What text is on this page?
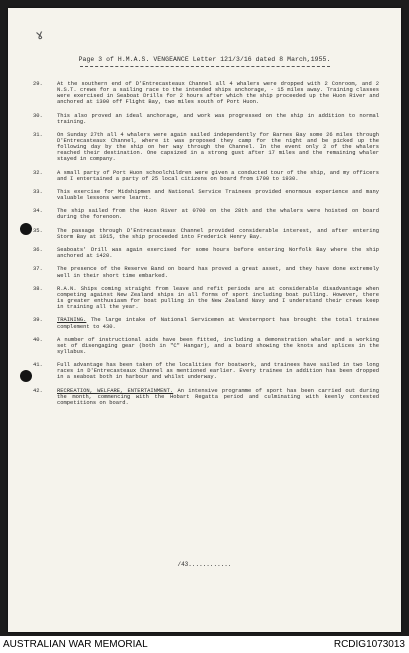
ɤ
Page 3 of H.M.A.S. VENGEANCE Letter 121/3/16 dated 8 March,1955.
29.	At the southern end of D'Entrecasteaux Channel all 4 whalers were dropped with 2 Conroom, and 2 N.S.T. crews for a sailing race to the intended ships anchorage, - 15 miles away. Training classes were exercised in Seaboat Drills for 2 hours after which the ship proceeded up the Huon River and anchored at 1300 off Flight Bay, two miles south of Port Huon.
30.	This also proved an ideal anchorage, and work was progressed on the ship in addition to normal training.
31.	On Sunday 27th all 4 whalers were again sailed independently for Barnes Bay some 26 miles through D'Entrecasteaux Channel, where it was proposed they camp for the night and be picked up the following day by the ship on her way through the Channel. In the event only 2 of the whalers reached their destination. One capsized in a strong gust after 17 miles and the remaining whaler stayed in company.
32.	A small party of Port Huon schoolchildren were given a conducted tour of the ship, and my officers and I entertained a party of 25 local citizens on board from 1700 to 1930.
33.	This exercise for Midshipmen and National Service Trainees provided enormous experience and many valuable lessons were learnt.
34.	The ship sailed from the Huon River at 0700 on the 28th and the whalers were hoisted on board during the forenoon.
35.	The passage through D'Entrecasteaux Channel provided considerable interest, and after entering Storm Bay at 1015, the ship proceeded into Frederick Henry Bay.
36.	Seaboats' Drill was again exercised for some hours before entering Norfolk Bay where the ship anchored at 1420.
37.	The presence of the Reserve Band on board has proved a great asset, and they have done extremely well in their short time embarked.
38.	R.A.N. Ships coming straight from leave and refit periods are at considerable disadvantage when competing against New Zealand ships in all forms of sport including boat pulling. However, there is greater enthusiasm for boat pulling in the New Zealand Navy and I understand their crews keep in training all the year.
39.	TRAINING. The large intake of National Servicemen at Westernport has brought the total trainee complement to 430.
40.	A number of instructional aids have been fitted, including a demonstration whaler and a working set of disengaging gear (both in "C" Hangar), and a board showing the knots and splices in the syllabus.
41.	Full advantage has been taken of the localities for boatwork, and trainees have sailed in two long races in D'Entrecasteaux Channel as mentioned earlier. Every trainee in addition has been dropped in a seaboat both in harbour and whilst underway.
42.	RECREATION, WELFARE, ENTERTAINMENT. An intensive programme of sport has been carried out during the month, commencing with the Hobart Regatta period and culminating with keenly contested competitions on board.
/43............
AUSTRALIAN WAR MEMORIAL	RCDIG1073013
